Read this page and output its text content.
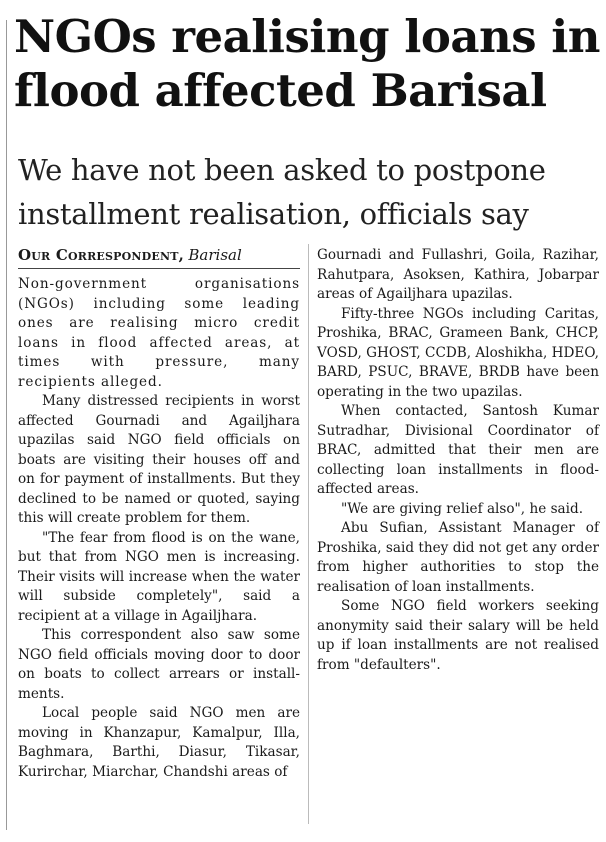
NGOs realising loans in flood affected Barisal
We have not been asked to postpone installment realisation, officials say
Our Correspondent, Barisal

Non-government organisations (NGOs) including some leading ones are realising micro credit loans in flood affected areas, at times with pressure, many recipients alleged.

Many distressed recipients in worst affected Gournadi and Agailjhara upazilas said NGO field officials on boats are visiting their houses off and on for payment of installments. But they declined to be named or quoted, saying this will create problem for them.

"The fear from flood is on the wane, but that from NGO men is increasing. Their visits will increase when the water will subside completely", said a recipient at a village in Agailjhara.

This correspondent also saw some NGO field officials moving door to door on boats to collect arrears or install-ments.

Local people said NGO men are moving in Khanzapur, Kamalpur, Illa, Baghmara, Barthi, Diasur, Tikasar, Kurirchar, Miarchar, Chandshi areas of

Gournadi and Fullashri, Goila, Razihar, Rahutpara, Asoksen, Kathira, Jobarpar areas of Agailjhara upazilas.

Fifty-three NGOs including Caritas, Proshika, BRAC, Grameen Bank, CHCP, VOSD, GHOST, CCDB, Aloshikha, HDEO, BARD, PSUC, BRAVE, BRDB have been operating in the two upazilas.

When contacted, Santosh Kumar Sutradhar, Divisional Coordinator of BRAC, admitted that their men are collecting loan installments in flood-affected areas.

"We are giving relief also", he said.

Abu Sufian, Assistant Manager of Proshika, said they did not get any order from higher authorities to stop the realisation of loan installments.

Some NGO field workers seeking anonymity said their salary will be held up if loan installments are not realised from "defaulters".
